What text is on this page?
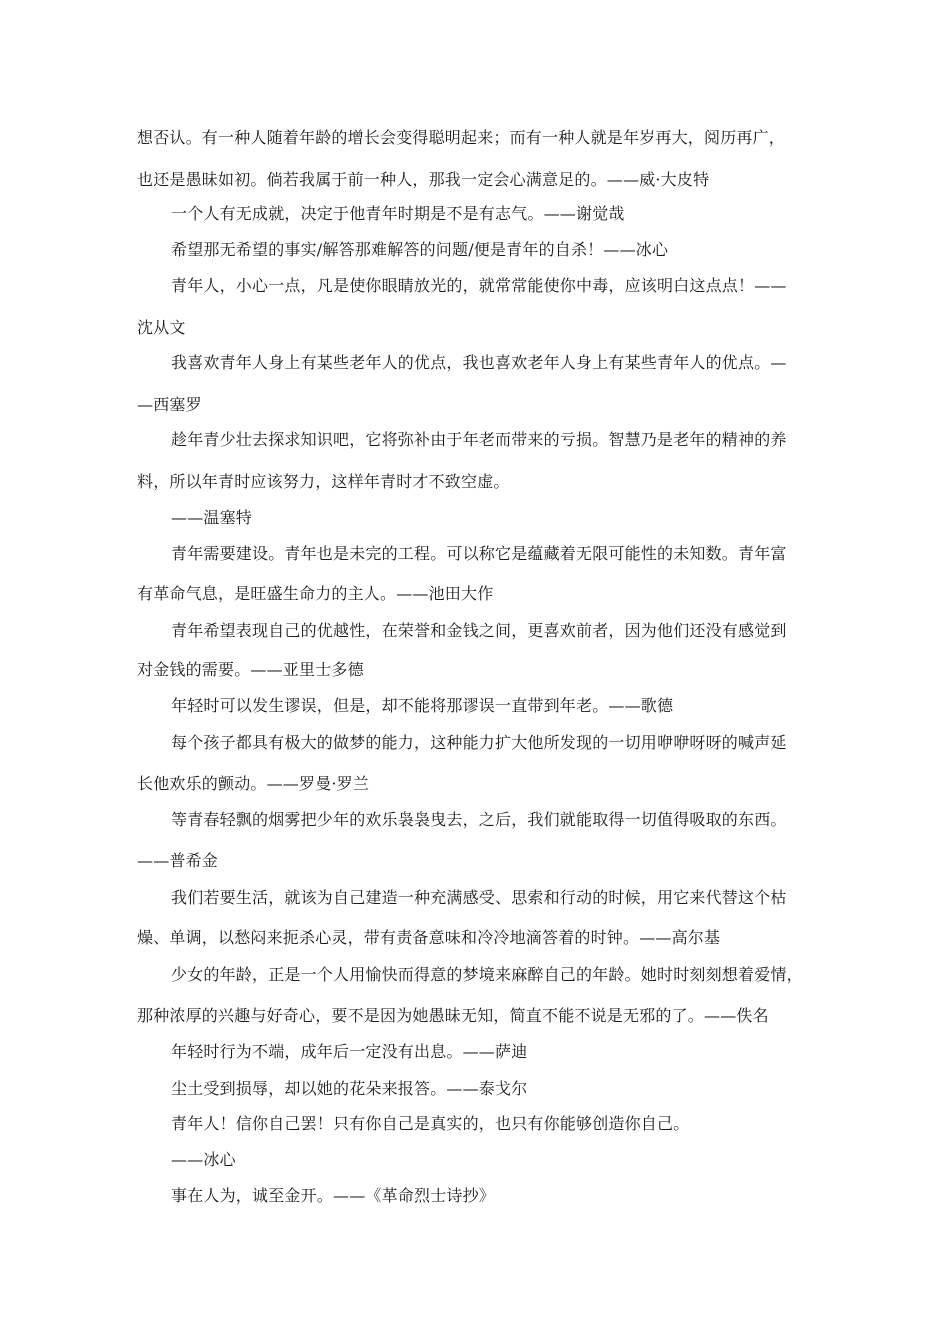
想否认。有一种人随着年龄的增长会变得聪明起来；而有一种人就是年岁再大，阅历再广，
也还是愚昧如初。倘若我属于前一种人，那我一定会心满意足的。——威·大皮特
一个人有无成就，决定于他青年时期是不是有志气。——谢觉哉
希望那无希望的事实/解答那难解答的问题/便是青年的自杀！——冰心
青年人，小心一点，凡是使你眼睛放光的，就常常能使你中毒，应该明白这点点！——
沈从文
我喜欢青年人身上有某些老年人的优点，我也喜欢老年人身上有某些青年人的优点。—
—西塞罗
趁年青少壮去探求知识吧，它将弥补由于年老而带来的亏损。智慧乃是老年的精神的养
料，所以年青时应该努力，这样年青时才不致空虚。
——温塞特
青年需要建设。青年也是未完的工程。可以称它是蕴藏着无限可能性的未知数。青年富
有革命气息，是旺盛生命力的主人。——池田大作
青年希望表现自己的优越性，在荣誉和金钱之间，更喜欢前者，因为他们还没有感觉到
对金钱的需要。——亚里士多德
年轻时可以发生谬误，但是，却不能将那谬误一直带到年老。——歌德
每个孩子都具有极大的做梦的能力，这种能力扩大他所发现的一切用咿咿呀呀的喊声延
长他欢乐的颤动。——罗曼·罗兰
等青春轻飘的烟雾把少年的欢乐袅袅曳去，之后，我们就能取得一切值得吸取的东西。
——普希金
我们若要生活，就该为自己建造一种充满感受、思索和行动的时候，用它来代替这个枯
燥、单调，以愁闷来扼杀心灵，带有责备意味和冷冷地滴答着的时钟。——高尔基
少女的年龄，正是一个人用愉快而得意的梦境来麻醉自己的年龄。她时时刻刻想着爱情，
那种浓厚的兴趣与好奇心，要不是因为她愚昧无知，简直不能不说是无邪的了。——佚名
年轻时行为不端，成年后一定没有出息。——萨迪
尘土受到损辱，却以她的花朵来报答。——泰戈尔
青年人！信你自己罢！只有你自己是真实的，也只有你能够创造你自己。
——冰心
事在人为，诚至金开。——《革命烈士诗抄》
